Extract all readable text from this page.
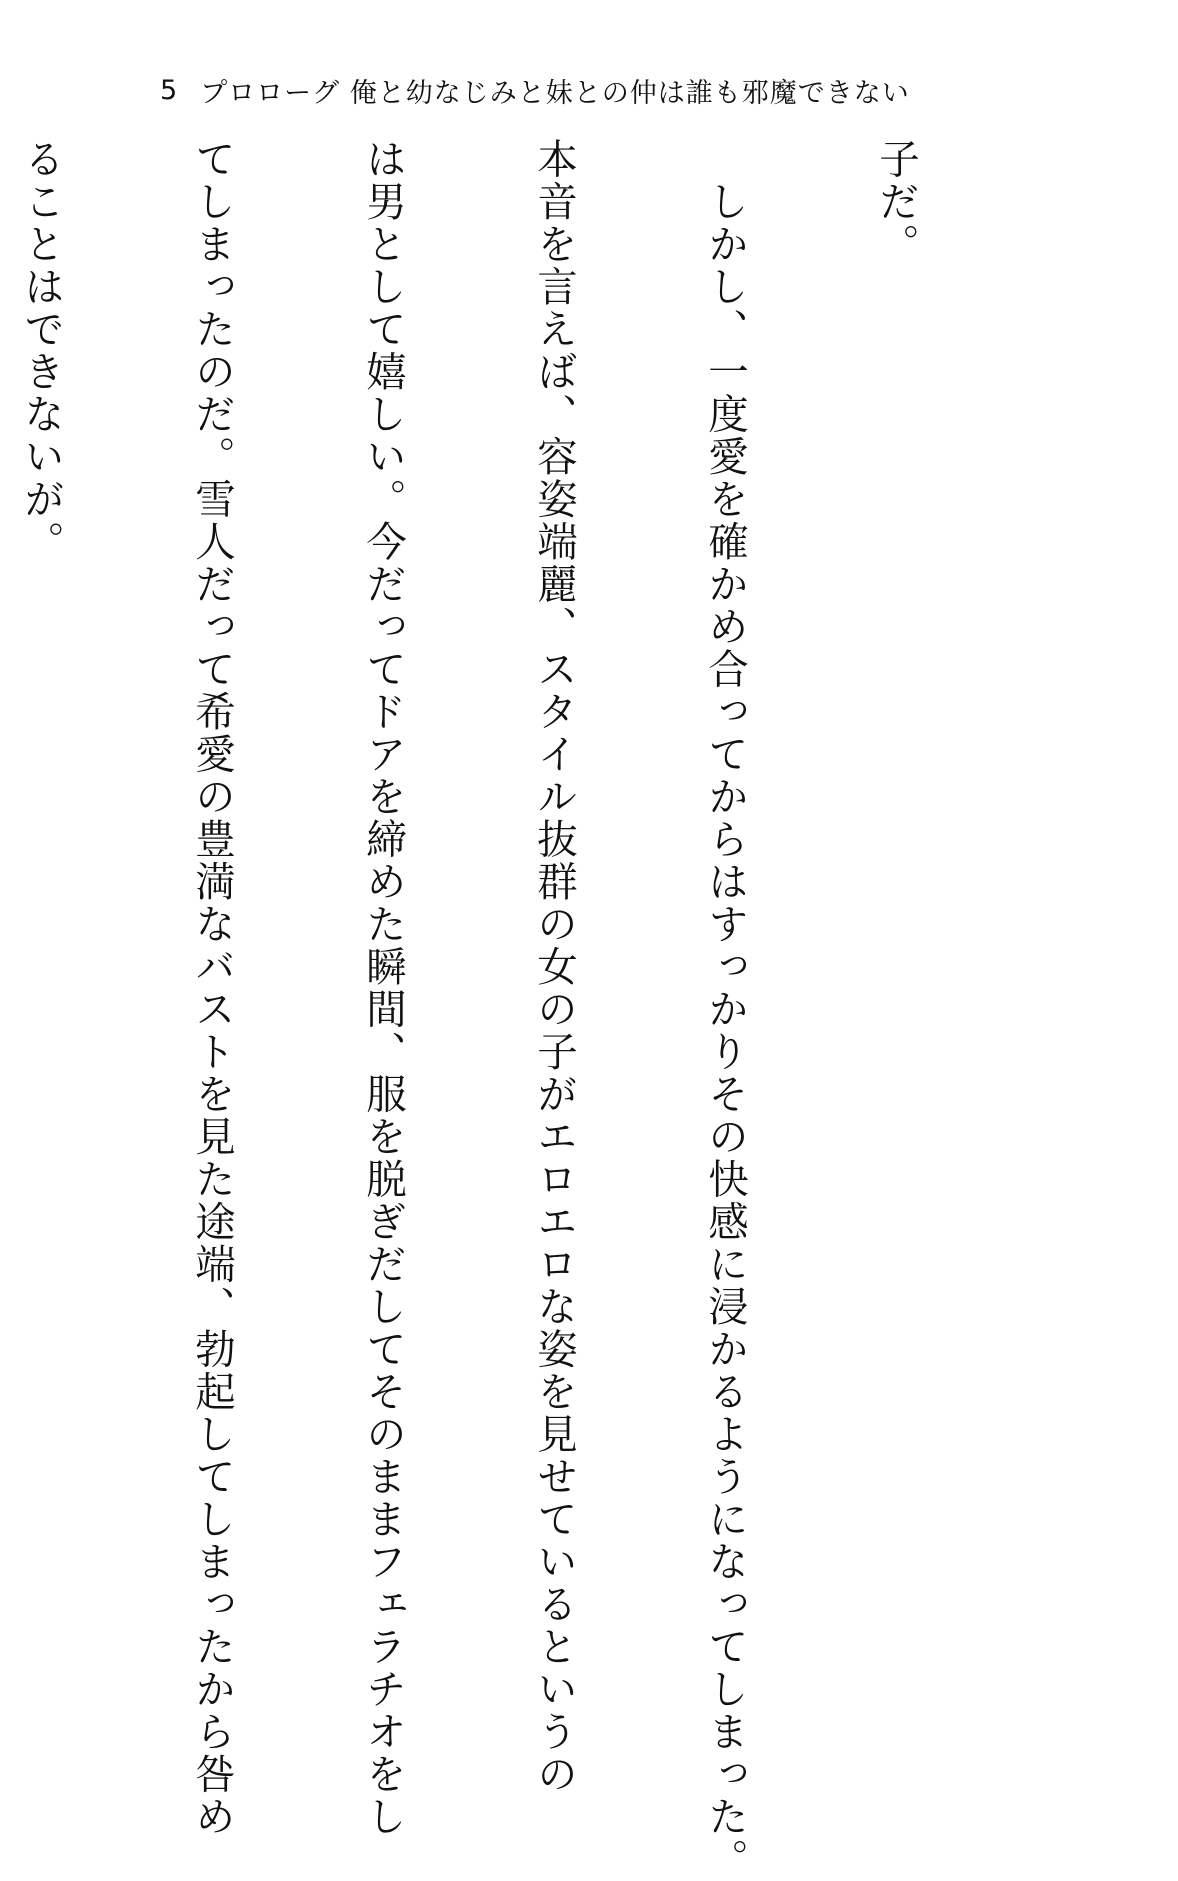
5 プロローグ 俺と幼なじみと妹との仲は誰も邪魔できない

子だ。

　しかし、一度愛を確かめ合ってからはすっかりその快感に浸かるようになってしまった。

本音を言えば、容姿端麗、スタイル抜群の女の子がエロエロな姿を見せているというの

は男として嬉しい。今だってドアを締めた瞬間、服を脱ぎだしてそのままフェラチオをし

てしまったのだ。雪人だって希愛の豊満なバストを見た途端、勃起してしまったから咎め

ることはできないが。
